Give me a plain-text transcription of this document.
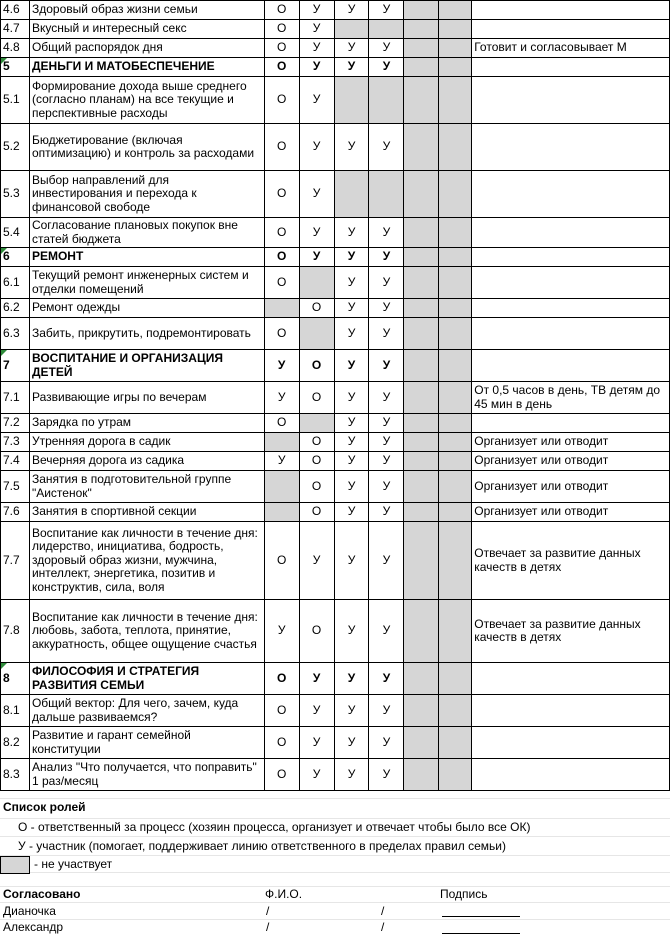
4.6	Здоровый образ жизни семьи	О	У	У	У			
4.7	Вкусный и интересный секс	О	У					
4.8	Общий распорядок дня	О	У	У	У			Готовит и согласовывает М
5	ДЕНЬГИ И МАТОБЕСПЕЧЕНИЕ	О	У	У	У			
5.1	Формирование дохода выше среднего (согласно планам) на все текущие и перспективные расходы	О	У					
5.2	Бюджетирование (включая оптимизацию) и контроль за расходами	О	У	У	У			
5.3	Выбор направлений для инвестирования и перехода к финансовой свободе	О	У					
5.4	Согласование плановых покупок вне статей бюджета	О	У	У	У			
6	РЕМОНТ	О	У	У	У			
6.1	Текущий ремонт инженерных систем и отделки помещений	О		У	У			
6.2	Ремонт одежды		О	У	У			
6.3	Забить, прикрутить, подремонтировать	О		У	У			
7	ВОСПИТАНИЕ И ОРГАНИЗАЦИЯ ДЕТЕЙ	У	О	У	У			
7.1	Развивающие игры по вечерам	У	О	У	У			От 0,5 часов в день, ТВ детям до 45 мин в день
7.2	Зарядка по утрам	О		У	У			
7.3	Утренняя дорога в садик		О	У	У			Организует или отводит
7.4	Вечерняя дорога из садика	У	О	У	У			Организует или отводит
7.5	Занятия в подготовительной группе "Аистенок"		О	У	У			Организует или отводит
7.6	Занятия в спортивной секции		О	У	У			Организует или отводит
7.7	Воспитание как личности в течение дня: лидерство, инициатива, бодрость, здоровый образ жизни, мужчина, интеллект, энергетика, позитив и конструктив, сила, воля	О	У	У	У			Отвечает за развитие данных качеств в детях
7.8	Воспитание как личности в течение дня: любовь, забота, теплота, принятие, аккуратность, общее ощущение счастья	У	О	У	У			Отвечает за развитие данных качеств в детях
8	ФИЛОСОФИЯ И СТРАТЕГИЯ РАЗВИТИЯ СЕМЬИ	О	У	У	У			
8.1	Общий вектор: Для чего, зачем, куда дальше развиваемся?	О	У	У	У			
8.2	Развитие и гарант семейной конституции	О	У	У	У			
8.3	Анализ "Что получается, что поправить" 1 раз/месяц	О	У	У	У			
Список ролей
О - ответственный за процесс (хозяин процесса, организует и отвечает чтобы было все ОК)
У - участник (помогает, поддерживает линию ответственного в пределах правил семьи)
- не участвует
Согласовано	Ф.И.О.	Подпись
Дианочка	/	/
Александр	/	/
